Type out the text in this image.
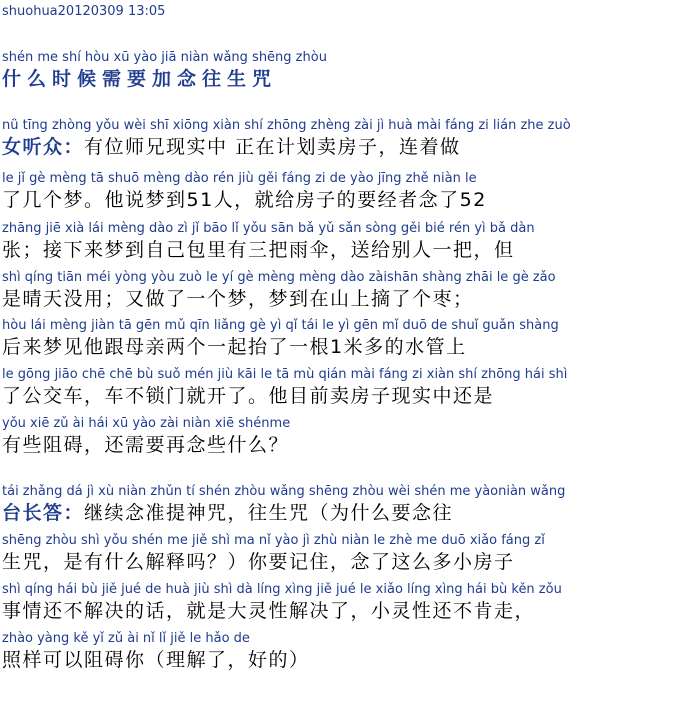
shuohua20120309 13:05
shén me shí hòu xū yào jiā niàn wǎng shēng zhòu
什么时候需要加念往生咒
nǚ tīng zhòng yǒu wèi shī xiōng xiàn shí zhōng zhèng zài jì huà mài fáng zi lián zhe zuò
女听众：有位师兄现实中 正在计划卖房子，连着做
le jǐ gè mèng tā shuō mèng dào rén jiù gěi fáng zi de yào jīng zhě niàn le
了几个梦。他说梦到51人，就给房子的要经者念了52
zhāng jiē xià lái mèng dào zì jǐ bāo lǐ yǒu sān bǎ yǔ sǎn sòng gěi bié rén yì bǎ dàn
张；接下来梦到自己包里有三把雨伞，送给别人一把，但
shì qíng tiān méi yòng yòu zuò le yí gè mèng mèng dào zàishān shàng zhāi le gè zǎo
是晴天没用；又做了一个梦，梦到在山上摘了个枣；
hòu lái mèng jiàn tā gēn mǔ qīn liǎng gè yì qǐ tái le yì gēn mǐ duō de shuǐ guǎn shàng
后来梦见他跟母亲两个一起抬了一根1米多的水管上
le gōng jiāo chē chē bù suǒ mén jiù kāi le tā mù qián mài fáng zi xiàn shí zhōng hái shì
了公交车，车不锁门就开了。他目前卖房子现实中还是
yǒu xiē zǔ ài hái xū yào zài niàn xiē shénme
有些阻碍，还需要再念些什么？
tái zhǎng dá jì xù niàn zhǔn tí shén zhòu wǎng shēng zhòu wèi shén me yàoniàn wǎng
台长答：继续念准提神咒，往生咒（为什么要念往
shēng zhòu shì yǒu shén me jiě shì ma nǐ yào jì zhù niàn le zhè me duō xiǎo fáng zǐ
生咒，是有什么解释吗？）你要记住，念了这么多小房子
shì qíng hái bù jiě jué de huà jiù shì dà líng xìng jiě jué le xiǎo líng xìng hái bù kěn zǒu
事情还不解决的话，就是大灵性解决了，小灵性还不肯走，
zhào yàng kě yǐ zǔ ài nǐ lǐ jiě le hǎo de
照样可以阻碍你（理解了，好的）
